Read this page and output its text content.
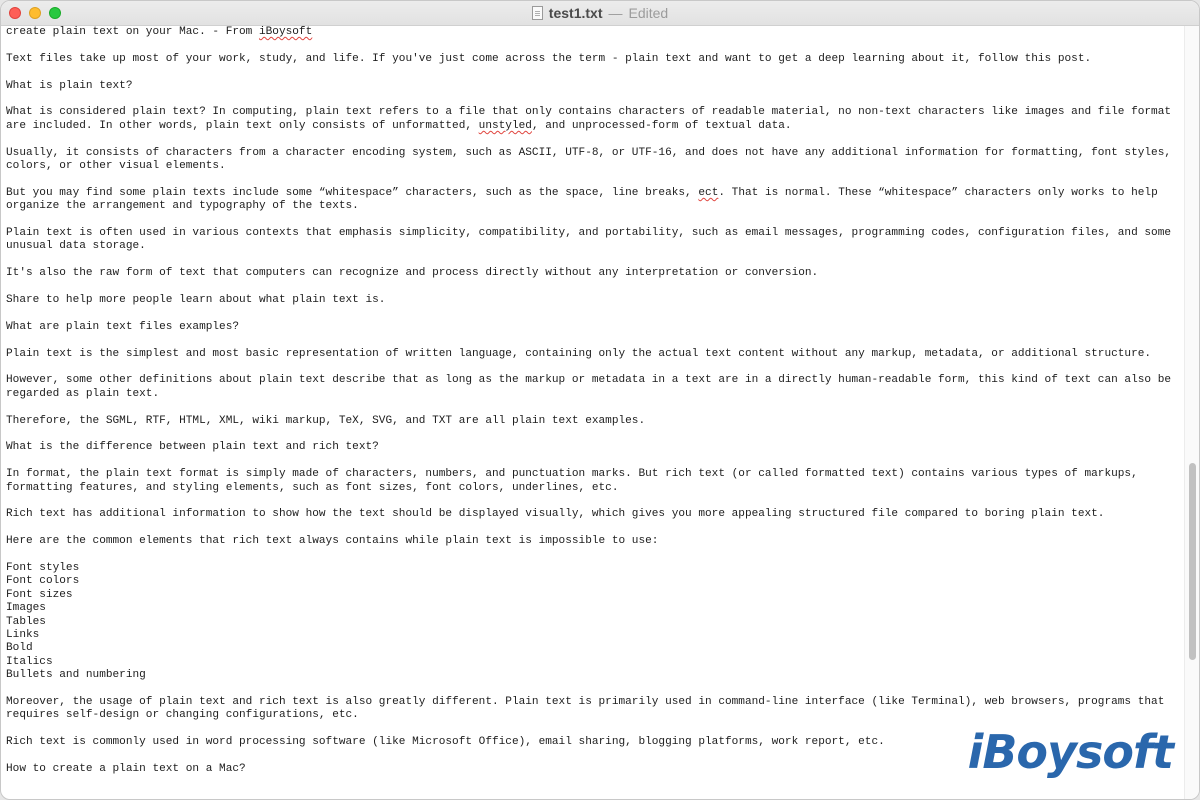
test1.txt — Edited

create plain text on your Mac. - From iBoysoft

Text files take up most of your work, study, and life. If you've just come across the term - plain text and want to get a deep learning about it, follow this post.

What is plain text?

What is considered plain text? In computing, plain text refers to a file that only contains characters of readable material, no non-text characters like images and file format are included. In other words, plain text only consists of unformatted, unstyled, and unprocessed-form of textual data.

Usually, it consists of characters from a character encoding system, such as ASCII, UTF-8, or UTF-16, and does not have any additional information for formatting, font styles, colors, or other visual elements.

But you may find some plain texts include some “whitespace” characters, such as the space, line breaks, ect. That is normal. These “whitespace” characters only works to help organize the arrangement and typography of the texts.

Plain text is often used in various contexts that emphasis simplicity, compatibility, and portability, such as email messages, programming codes, configuration files, and some unusual data storage.

It's also the raw form of text that computers can recognize and process directly without any interpretation or conversion.

Share to help more people learn about what plain text is.

What are plain text files examples?

Plain text is the simplest and most basic representation of written language, containing only the actual text content without any markup, metadata, or additional structure.

However, some other definitions about plain text describe that as long as the markup or metadata in a text are in a directly human-readable form, this kind of text can also be regarded as plain text.

Therefore, the SGML, RTF, HTML, XML, wiki markup, TeX, SVG, and TXT are all plain text examples.

What is the difference between plain text and rich text?

In format, the plain text format is simply made of characters, numbers, and punctuation marks. But rich text (or called formatted text) contains various types of markups, formatting features, and styling elements, such as font sizes, font colors, underlines, etc.

Rich text has additional information to show how the text should be displayed visually, which gives you more appealing structured file compared to boring plain text.

Here are the common elements that rich text always contains while plain text is impossible to use:

Font styles
Font colors
Font sizes
Images
Tables
Links
Bold
Italics
Bullets and numbering

Moreover, the usage of plain text and rich text is also greatly different. Plain text is primarily used in command-line interface (like Terminal), web browsers, programs that requires self-design or changing configurations, etc.

Rich text is commonly used in word processing software (like Microsoft Office), email sharing, blogging platforms, work report, etc.

How to create a plain text on a Mac?	iBoysoft
